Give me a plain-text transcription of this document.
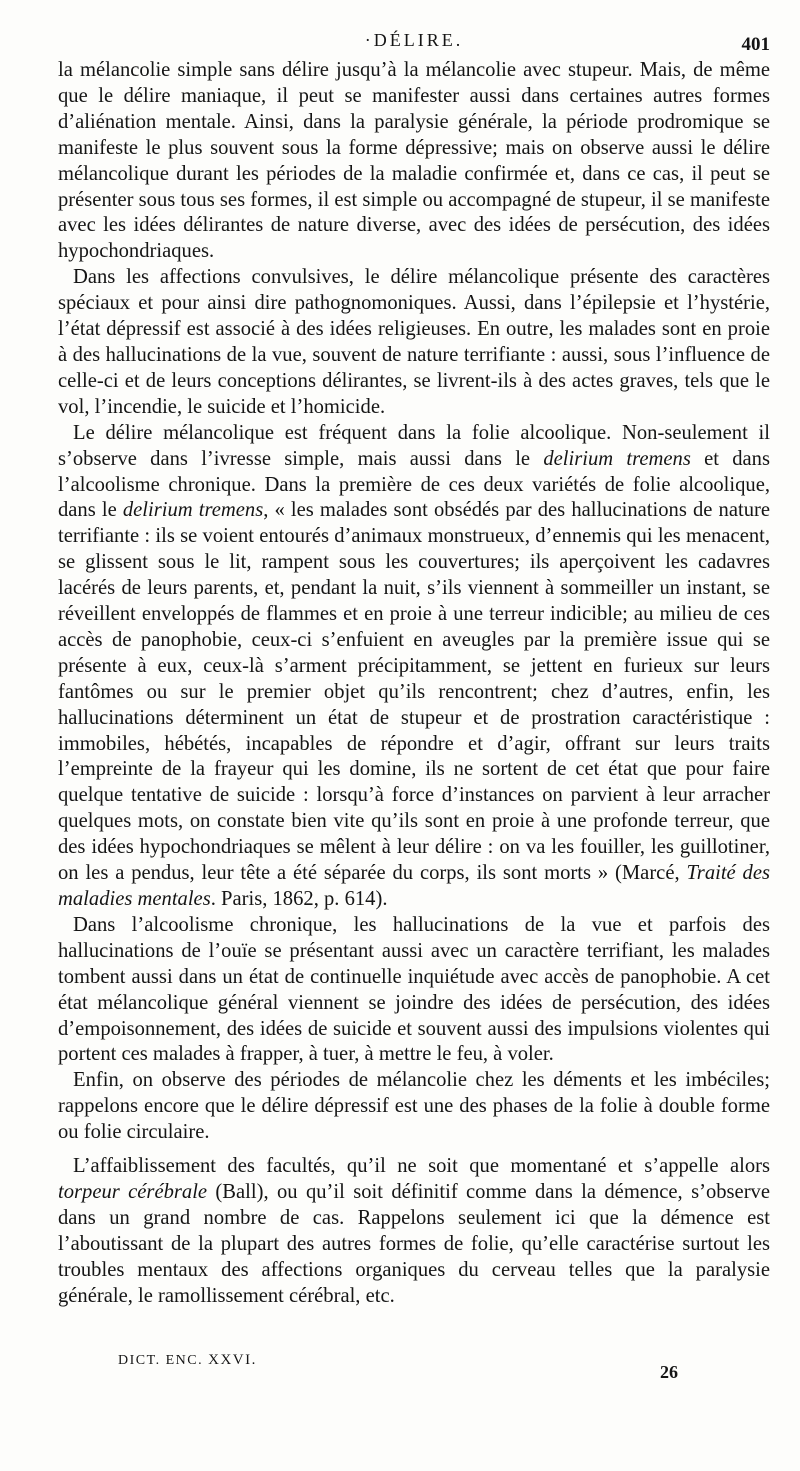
·DÉLIRE.	401

la mélancolie simple sans délire jusqu’à la mélancolie avec stupeur. Mais, de même que le délire maniaque, il peut se manifester aussi dans certaines autres formes d’aliénation mentale. Ainsi, dans la paralysie générale, la période prodromique se manifeste le plus souvent sous la forme dépressive; mais on observe aussi le délire mélancolique durant les périodes de la maladie confirmée et, dans ce cas, il peut se présenter sous tous ses formes, il est simple ou accompagné de stupeur, il se manifeste avec les idées délirantes de nature diverse, avec des idées de persécution, des idées hypochondriaques.

Dans les affections convulsives, le délire mélancolique présente des caractères spéciaux et pour ainsi dire pathognomoniques. Aussi, dans l’épilepsie et l’hystérie, l’état dépressif est associé à des idées religieuses. En outre, les malades sont en proie à des hallucinations de la vue, souvent de nature terrifiante : aussi, sous l’influence de celle-ci et de leurs conceptions délirantes, se livrent-ils à des actes graves, tels que le vol, l’incendie, le suicide et l’homicide.

Le délire mélancolique est fréquent dans la folie alcoolique. Non-seulement il s’observe dans l’ivresse simple, mais aussi dans le delirium tremens et dans l’alcoolisme chronique. Dans la première de ces deux variétés de folie alcoolique, dans le delirium tremens, « les malades sont obsédés par des hallucinations de nature terrifiante : ils se voient entourés d’animaux monstrueux, d’ennemis qui les menacent, se glissent sous le lit, rampent sous les couvertures; ils aperçoivent les cadavres lacérés de leurs parents, et, pendant la nuit, s’ils viennent à sommeiller un instant, se réveillent enveloppés de flammes et en proie à une terreur indicible; au milieu de ces accès de panophobie, ceux-ci s’enfuient en aveugles par la première issue qui se présente à eux, ceux-là s’arment précipitamment, se jettent en furieux sur leurs fantômes ou sur le premier objet qu’ils rencontrent; chez d’autres, enfin, les hallucinations déterminent un état de stupeur et de prostration caractéristique : immobiles, hébétés, incapables de répondre et d’agir, offrant sur leurs traits l’empreinte de la frayeur qui les domine, ils ne sortent de cet état que pour faire quelque tentative de suicide : lorsqu’à force d’instances on parvient à leur arracher quelques mots, on constate bien vite qu’ils sont en proie à une profonde terreur, que des idées hypochondriaques se mêlent à leur délire : on va les fouiller, les guillotiner, on les a pendus, leur tête a été séparée du corps, ils sont morts » (Marcé, Traité des maladies mentales. Paris, 1862, p. 614).

Dans l’alcoolisme chronique, les hallucinations de la vue et parfois des hallucinations de l’ouïe se présentant aussi avec un caractère terrifiant, les malades tombent aussi dans un état de continuelle inquiétude avec accès de panophobie. A cet état mélancolique général viennent se joindre des idées de persécution, des idées d’empoisonnement, des idées de suicide et souvent aussi des impulsions violentes qui portent ces malades à frapper, à tuer, à mettre le feu, à voler.

Enfin, on observe des périodes de mélancolie chez les déments et les imbéciles; rappelons encore que le délire dépressif est une des phases de la folie à double forme ou folie circulaire.

L’affaiblissement des facultés, qu’il ne soit que momentané et s’appelle alors torpeur cérébrale (Ball), ou qu’il soit définitif comme dans la démence, s’observe dans un grand nombre de cas. Rappelons seulement ici que la démence est l’aboutissant de la plupart des autres formes de folie, qu’elle caractérise surtout les troubles mentaux des affections organiques du cerveau telles que la paralysie générale, le ramollissement cérébral, etc.

DICT. ENC. XXVI.
26
